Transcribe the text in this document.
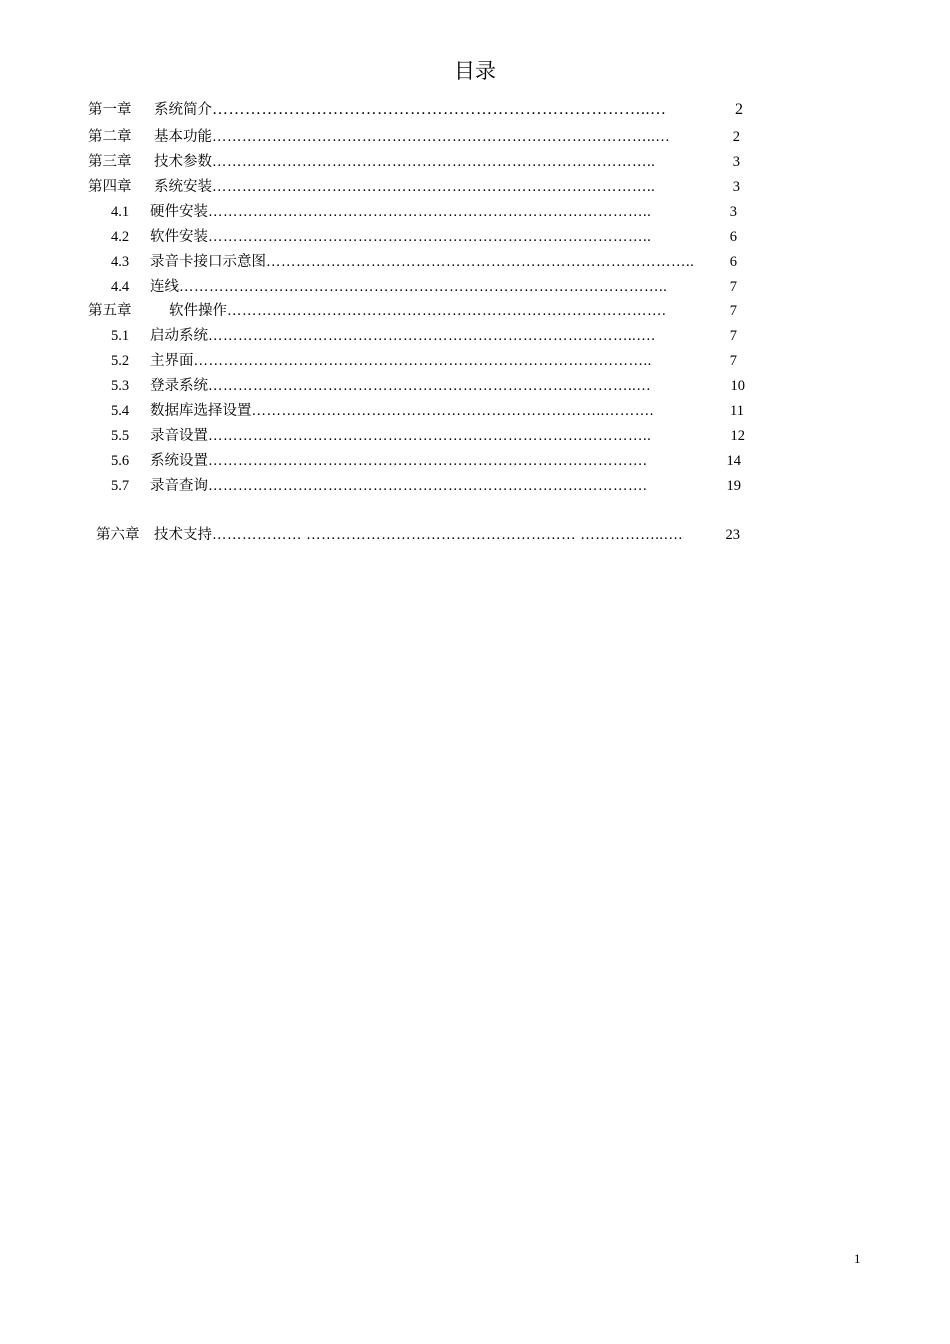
目录
第一章	系统简介 ……………………………………………………………………..…	2
第二章	基本功能 ……………………………………………………………………………..…	2
第三章	技术参数 ……………………………………………………………………………..	3
第四章	系统安装 ……………………………………………………………………………..	3
4.1	硬件安装 ……………………………………………………………………………..	3
4.2	软件安装 ……………………………………………………………………………..	6
4.3	录音卡接口示意图 …………………………………………………………………………..	6
4.4	连线 ……………………………………………………………………………………..	7
第五章	软件操作 …………………………………………………………………………….	7
5.1	启动系统 …………………………………………………………………………..….	7
5.2	主界面 ………………………………………………………………………………..	7
5.3	登录系统 …………………………………………………………………………..…	10
5.4	数据库选择设置 ……………………………………………………………..……….	11
5.5	录音设置 ……………………………………………………………………………..	12
5.6	系统设置 …………………………………………………………………………….	14
5.7	录音查询 …………………………………………………………………………….	19
第六章	技术支持 ……………… ……………………………………………… ……………..….	23
1
